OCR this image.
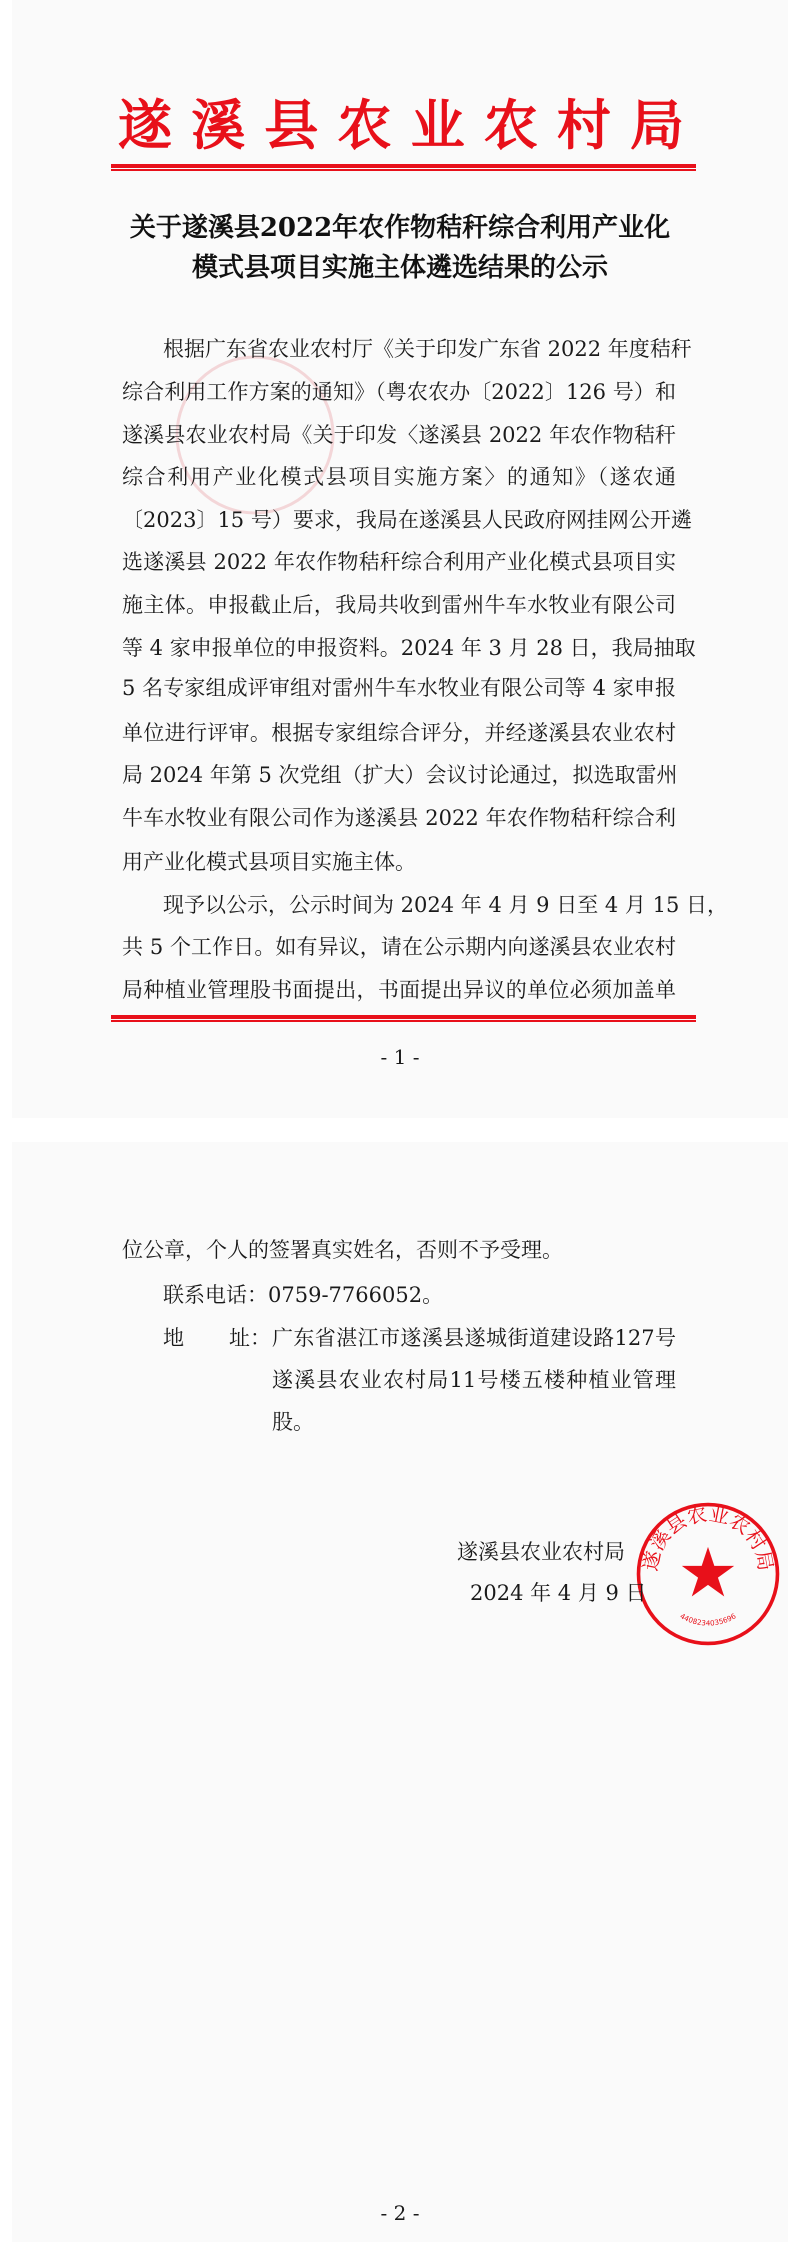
遂溪县农业农村局
关于遂溪县2022年农作物秸秆综合利用产业化
模式县项目实施主体遴选结果的公示
根据广东省农业农村厅《关于印发广东省 2022 年度秸秆
综合利用工作方案的通知》（粤农农办〔2022〕126 号）和
遂溪县农业农村局《关于印发〈遂溪县 2022 年农作物秸秆
综合利用产业化模式县项目实施方案〉的通知》（遂农通
〔2023〕15 号）要求，我局在遂溪县人民政府网挂网公开遴
选遂溪县 2022 年农作物秸秆综合利用产业化模式县项目实
施主体。申报截止后，我局共收到雷州牛车水牧业有限公司
等 4 家申报单位的申报资料。2024 年 3 月 28 日，我局抽取
5 名专家组成评审组对雷州牛车水牧业有限公司等 4 家申报
单位进行评审。根据专家组综合评分，并经遂溪县农业农村
局 2024 年第 5 次党组（扩大）会议讨论通过，拟选取雷州
牛车水牧业有限公司作为遂溪县 2022 年农作物秸秆综合利
用产业化模式县项目实施主体。
现予以公示，公示时间为 2024 年 4 月 9 日至 4 月 15 日，
共 5 个工作日。如有异议，请在公示期内向遂溪县农业农村
局种植业管理股书面提出，书面提出异议的单位必须加盖单
- 1 -
位公章，个人的签署真实姓名，否则不予受理。
联系电话：0759-7766052。
地 址： 广东省湛江市遂溪县遂城街道建设路127号
遂溪县农业农村局11号楼五楼种植业管理
股。
遂溪县农业农村局
4408234035696
遂溪县农业农村局
2024 年 4 月 9 日
- 2 -
